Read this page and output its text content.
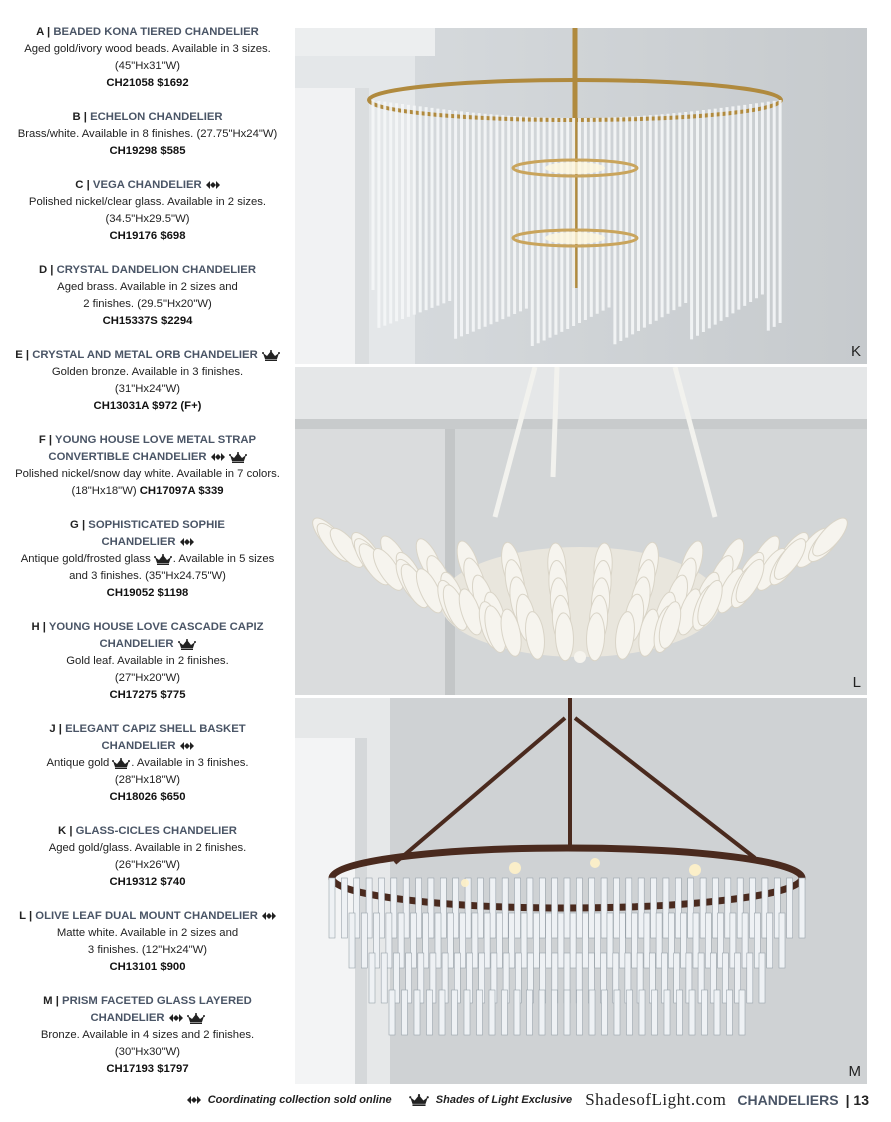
A | BEADED KONA TIERED CHANDELIER
Aged gold/ivory wood beads. Available in 3 sizes.
(45"Hx31"W)
CH21058 $1692
B | ECHELON CHANDELIER
Brass/white. Available in 8 finishes. (27.75"Hx24"W)
CH19298 $585
C | VEGA CHANDELIER
Polished nickel/clear glass. Available in 2 sizes.
(34.5"Hx29.5"W)
CH19176 $698
D | CRYSTAL DANDELION CHANDELIER
Aged brass. Available in 2 sizes and
2 finishes. (29.5"Hx20"W)
CH15337S $2294
E | CRYSTAL AND METAL ORB CHANDELIER
Golden bronze. Available in 3 finishes.
(31"Hx24"W)
CH13031A $972 (F+)
F | YOUNG HOUSE LOVE METAL STRAP
CONVERTIBLE CHANDELIER
Polished nickel/snow day white. Available in 7 colors.
(18"Hx18"W) CH17097A $339
G | SOPHISTICATED SOPHIE
CHANDELIER
Antique gold/frosted glass . Available in 5 sizes
and 3 finishes. (35"Hx24.75"W)
CH19052 $1198
H | YOUNG HOUSE LOVE CASCADE CAPIZ
CHANDELIER
Gold leaf. Available in 2 finishes.
(27"Hx20"W)
CH17275 $775
J | ELEGANT CAPIZ SHELL BASKET
CHANDELIER
Antique gold . Available in 3 finishes.
(28"Hx18"W)
CH18026 $650
K | GLASS-CICLES CHANDELIER
Aged gold/glass. Available in 2 finishes.
(26"Hx26"W)
CH19312 $740
L | OLIVE LEAF DUAL MOUNT CHANDELIER
Matte white. Available in 2 sizes and
3 finishes. (12"Hx24"W)
CH13101 $900
M | PRISM FACETED GLASS LAYERED
CHANDELIER
Bronze. Available in 4 sizes and 2 finishes.
(30"Hx30"W)
CH17193 $1797
K
L
M
Coordinating collection sold online	Shades of Light Exclusive ShadesofLight.com CHANDELIERS | 13
